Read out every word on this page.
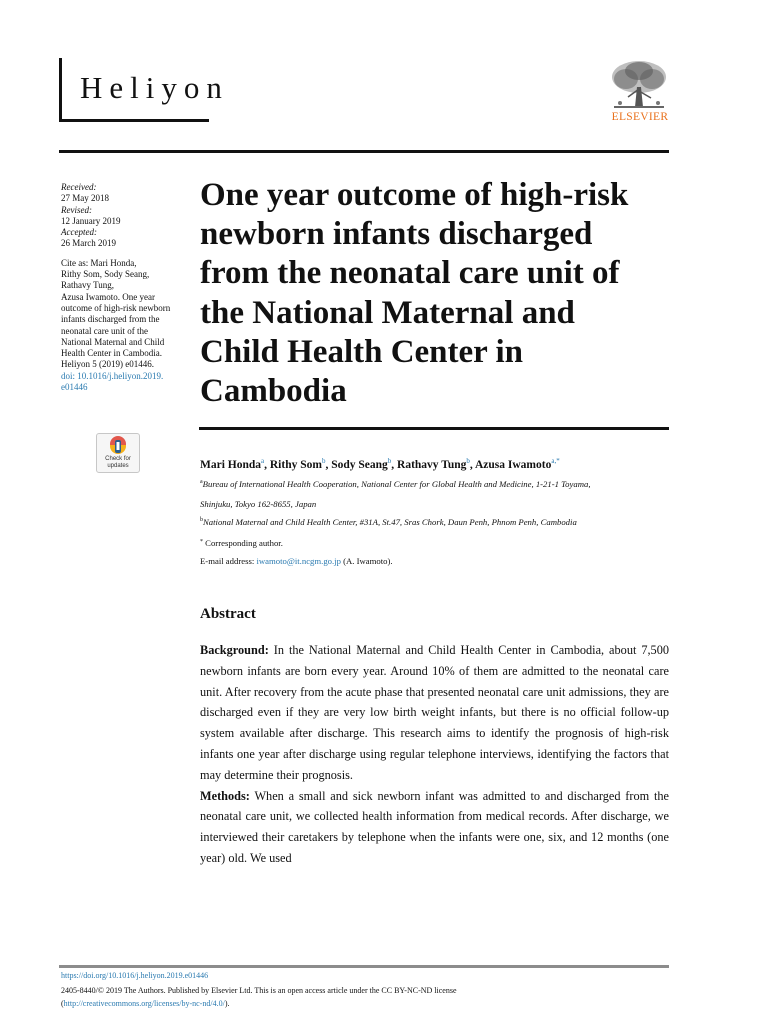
Heliyon
ELSEVIER
Received:
27 May 2018
Revised:
12 January 2019
Accepted:
26 March 2019
Cite as: Mari Honda,
Rithy Som, Sody Seang,
Rathavy Tung,
Azusa Iwamoto. One year
outcome of high-risk newborn
infants discharged from the
neonatal care unit of the
National Maternal and Child
Health Center in Cambodia.
Heliyon 5 (2019) e01446.
doi: 10.1016/j.heliyon.2019.
e01446
Check for
updates
One year outcome of high-risk
newborn infants discharged
from the neonatal care unit of
the National Maternal and
Child Health Center in
Cambodia
Mari Honda$^a$, Rithy Som$^b$, Sody Seang$^b$, Rathavy Tung$^b$, Azusa Iwamoto$^{a,*}$
$^a$Bureau of International Health Cooperation, National Center for Global Health and Medicine, 1-21-1 Toyama,
Shinjuku, Tokyo 162-8655, Japan
$^b$National Maternal and Child Health Center, #31A, St.47, Sras Chork, Daun Penh, Phnom Penh, Cambodia
* Corresponding author.
E-mail address: iwamoto@it.ncgm.go.jp (A. Iwamoto).
Abstract

Background: In the National Maternal and Child Health Center in Cambodia, about 7,500 newborn infants are born every year. Around 10% of them are admitted to the neonatal care unit. After recovery from the acute phase that presented neonatal care unit admissions, they are discharged even if they are very low birth weight infants, but there is no official follow-up system available after discharge. This research aims to identify the prognosis of high-risk infants one year after discharge using regular telephone interviews, identifying the factors that may determine their prognosis.

Methods: When a small and sick newborn infant was admitted to and discharged from the neonatal care unit, we collected health information from medical records. After discharge, we interviewed their caretakers by telephone when the infants were one, six, and 12 months (one year) old. We used

https://doi.org/10.1016/j.heliyon.2019.e01446
2405-8440/© 2019 The Authors. Published by Elsevier Ltd. This is an open access article under the CC BY-NC-ND license
(http://creativecommons.org/licenses/by-nc-nd/4.0/).
